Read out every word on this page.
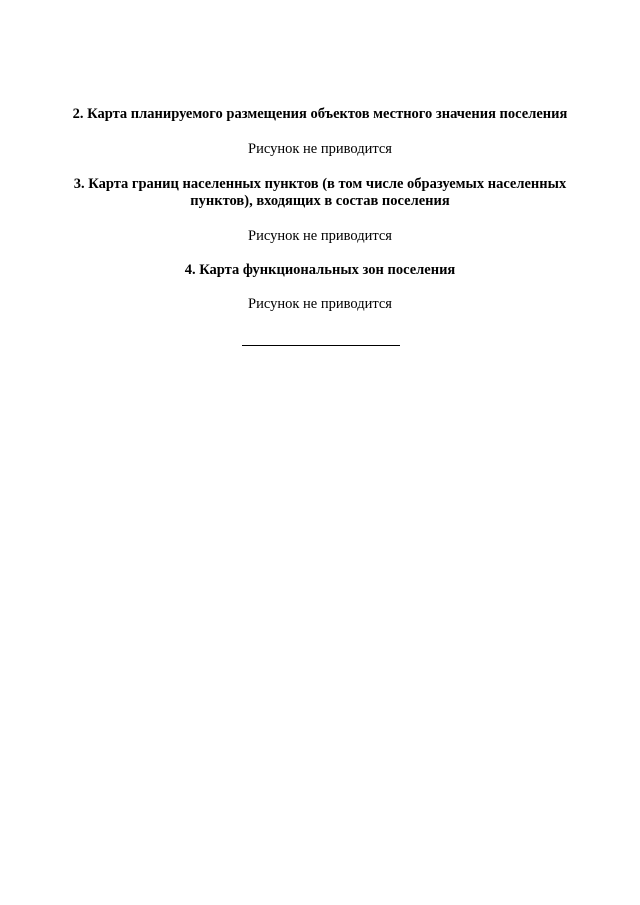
2. Карта планируемого размещения объектов местного значения поселения

Рисунок не приводится

3. Карта границ населенных пунктов (в том числе образуемых населенных пунктов), входящих в состав поселения

Рисунок не приводится

4. Карта функциональных зон поселения

Рисунок не приводится
